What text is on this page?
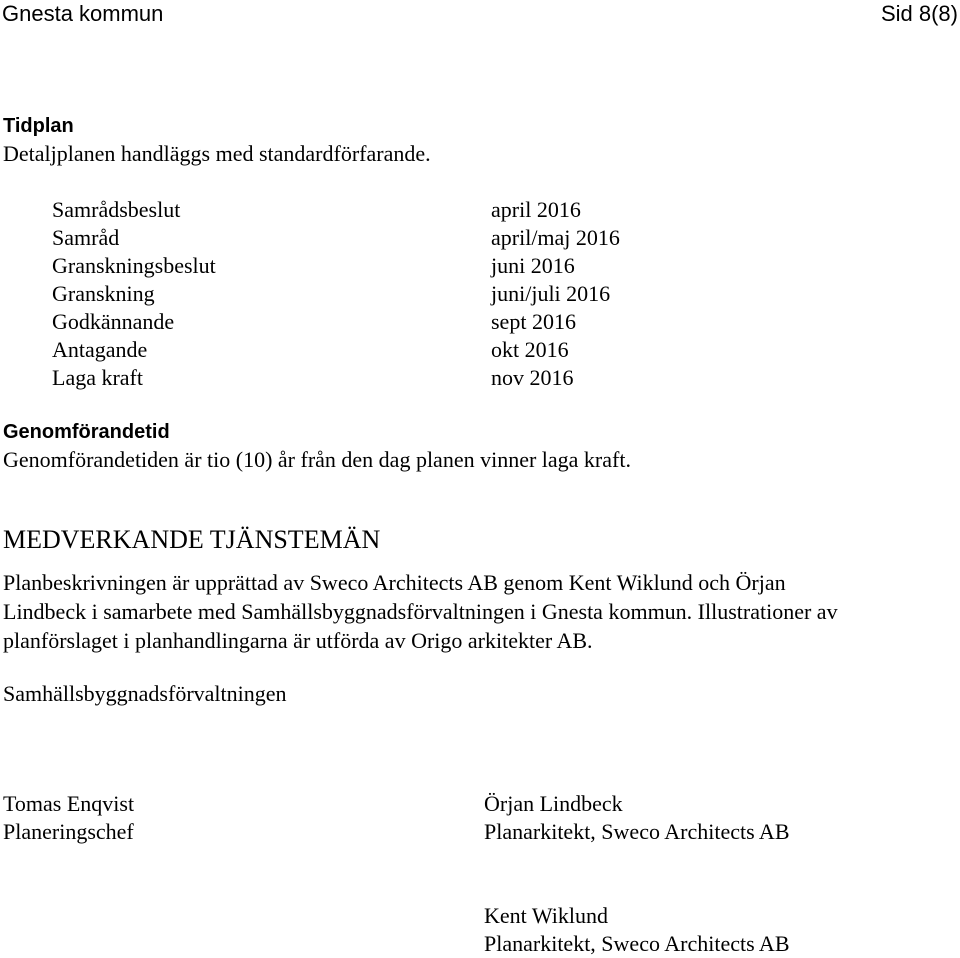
Gnesta kommun	Sid 8(8)
Tidplan
Detaljplanen handläggs med standardförfarande.
Samrådsbeslut	april 2016
Samråd	april/maj 2016
Granskningsbeslut	juni 2016
Granskning	juni/juli 2016
Godkännande	sept 2016
Antagande	okt 2016
Laga kraft	nov 2016
Genomförandetid
Genomförandetiden är tio (10) år från den dag planen vinner laga kraft.
MEDVERKANDE TJÄNSTEMÄN
Planbeskrivningen är upprättad av Sweco Architects AB genom Kent Wiklund och Örjan
Lindbeck i samarbete med Samhällsbyggnadsförvaltningen i Gnesta kommun. Illustrationer av
planförslaget i planhandlingarna är utförda av Origo arkitekter AB.
Samhällsbyggnadsförvaltningen
Tomas Enqvist
Planeringschef
Örjan Lindbeck
Planarkitekt, Sweco Architects AB
Kent Wiklund
Planarkitekt, Sweco Architects AB
